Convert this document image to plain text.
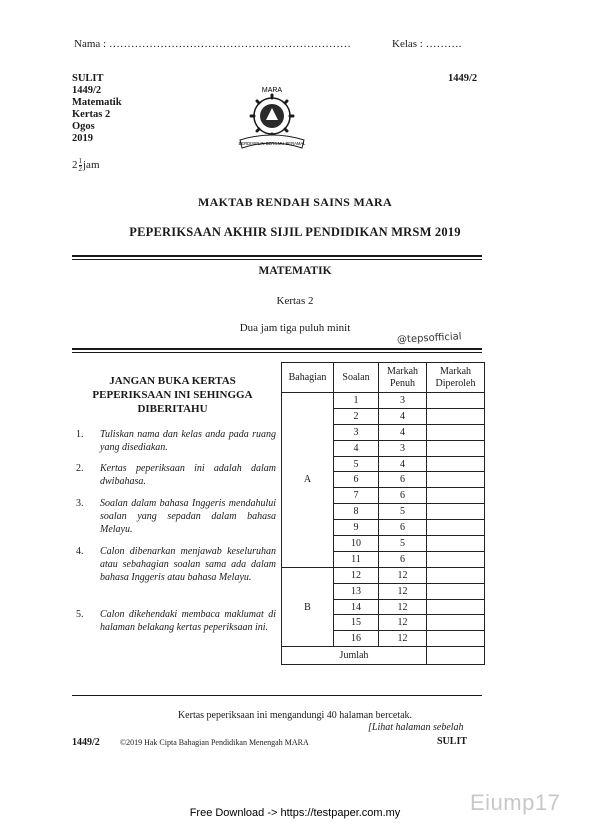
Nama : …………………………………………………………	Kelas : ……….
SULIT
1449/2
Matematik
Kertas 2
Ogos
2019
1449/2
$2 \frac{1}{2}$ jam
MARA
BERDISIPLIN BERILMU BERAMAL
MAKTAB RENDAH SAINS MARA
PEPERIKSAAN AKHIR SIJIL PENDIDIKAN MRSM 2019
MATEMATIK
Kertas 2
Dua jam tiga puluh minit
@tepsofficial
JANGAN BUKA KERTAS PEPERIKSAAN INI SEHINGGA DIBERITAHU
1. Tuliskan nama dan kelas anda pada ruang yang disediakan.
2. Kertas peperiksaan ini adalah dalam dwibahasa.
3. Soalan dalam bahasa Inggeris mendahului soalan yang sepadan dalam bahasa Melayu.
4. Calon dibenarkan menjawab keseluruhan atau sebahagian soalan sama ada dalam bahasa Inggeris atau bahasa Melayu.
5. Calon dikehendaki membaca maklumat di halaman belakang kertas peperiksaan ini.
Bahagian	Soalan	Markah Penuh	Markah Diperoleh
A	1	3	
	2	4	
	3	4	
	4	3	
	5	4	
	6	6	
	7	6	
	8	5	
	9	6	
	10	5	
	11	6	
B	12	12	
	13	12	
	14	12	
	15	12	
	16	12	
Jumlah			
Kertas peperiksaan ini mengandungi 40 halaman bercetak.
[Lihat halaman sebelah
1449/2	©2019 Hak Cipta Bahagian Pendidikan Menengah MARA	SULIT
Free Download -> https://testpaper.com.my	Eiump17
